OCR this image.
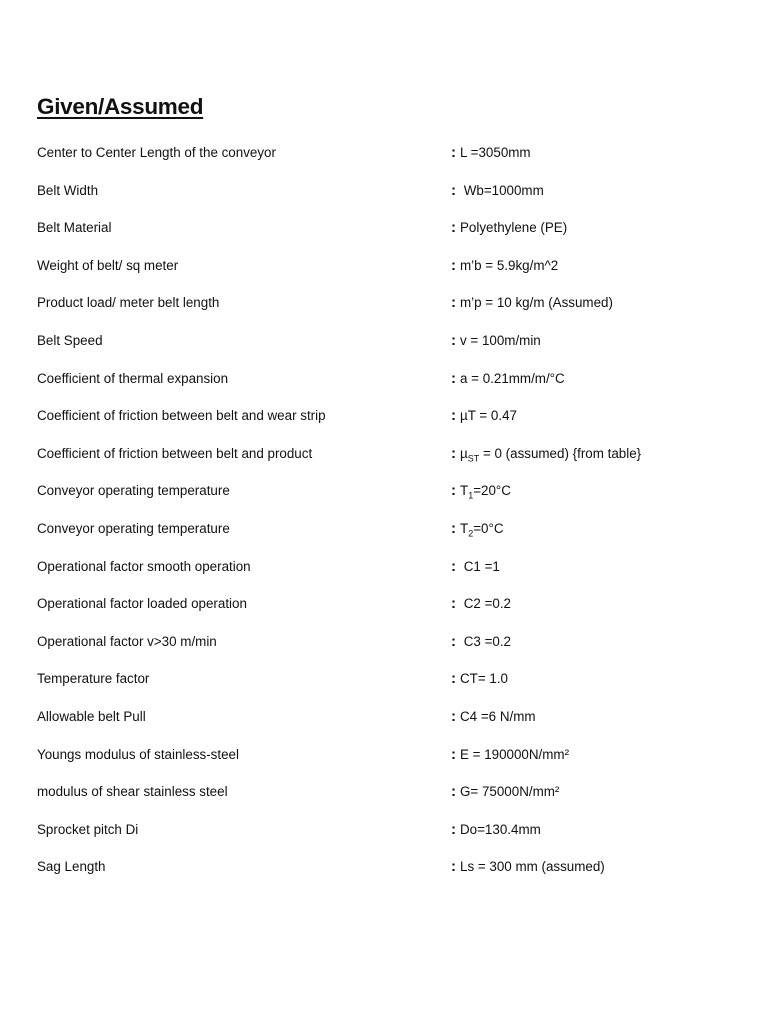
Given/Assumed
Center to Center Length of the conveyor	: L =3050mm
Belt Width	: Wb=1000mm
Belt Material	: Polyethylene (PE)
Weight of belt/ sq meter	: m’b = 5.9kg/m^2
Product load/ meter belt length	: m’p = 10 kg/m (Assumed)
Belt Speed	: v = 100m/min
Coefficient of thermal expansion	: a = 0.21mm/m/°C
Coefficient of friction between belt and wear strip	: µT = 0.47
Coefficient of friction between belt and product	: µ$_{ST}$ = 0 (assumed) {from table}
Conveyor operating temperature	: $T_1=20^\circ C$
Conveyor operating temperature	: $T_2=0^\circ C$
Operational factor smooth operation	: C1 =1
Operational factor loaded operation	: C2 =0.2
Operational factor v>30 m/min	: C3 =0.2
Temperature factor	: CT= 1.0
Allowable belt Pull	: C4 =6 N/mm
Youngs modulus of stainless-steel	: E = 190000N/mm²
modulus of shear stainless steel	: G= 75000N/mm²
Sprocket pitch Di	: Do=130.4mm
Sag Length	: Ls = 300 mm (assumed)
